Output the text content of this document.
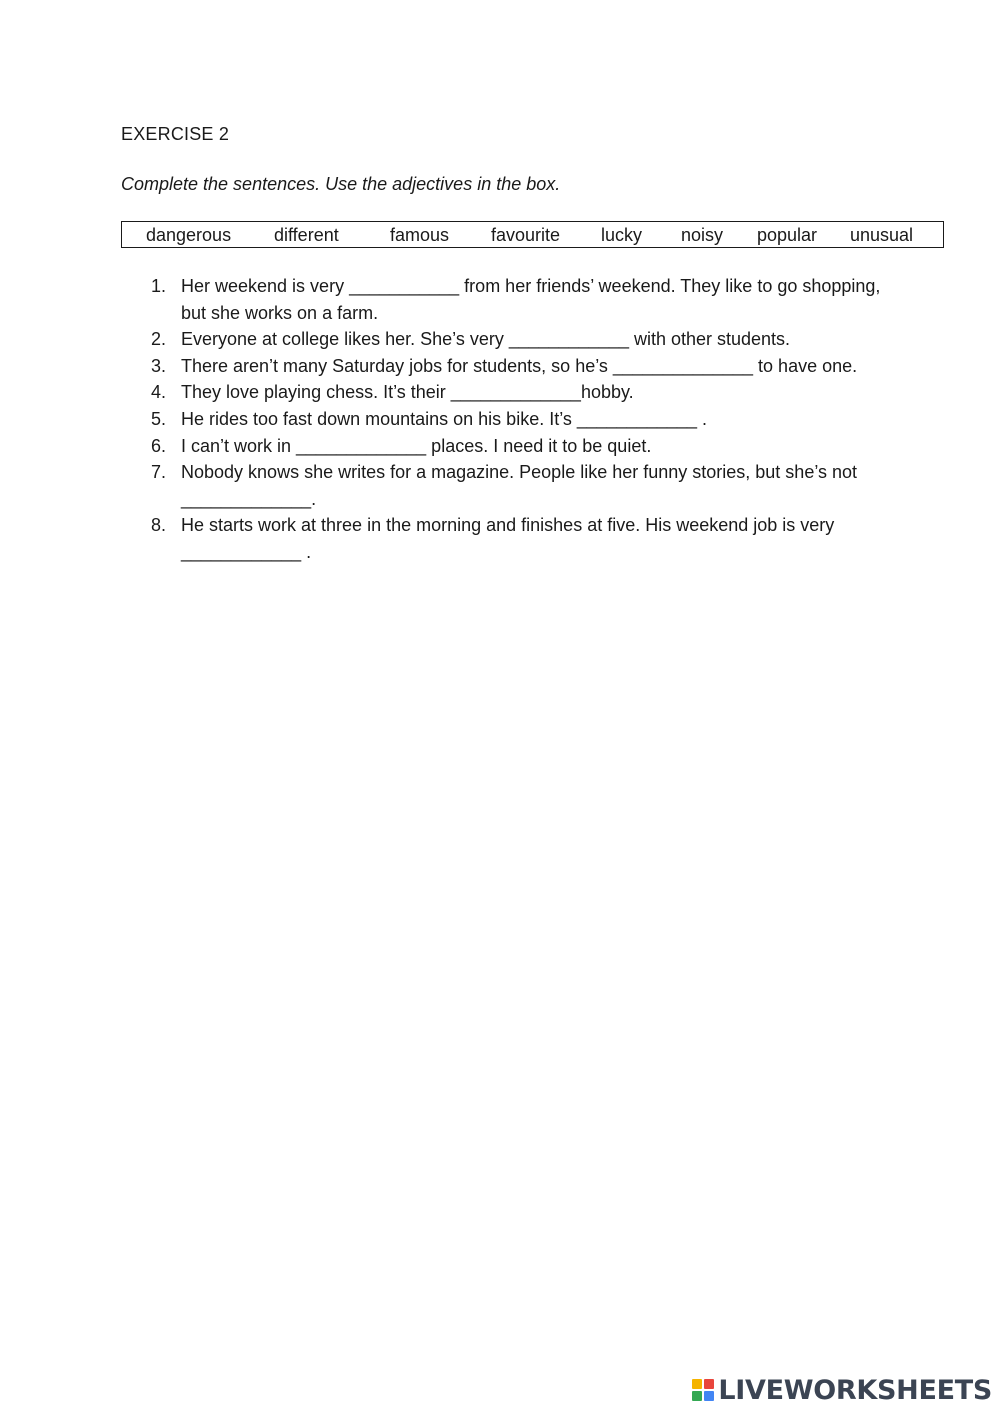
EXERCISE 2
Complete the sentences. Use the adjectives in the box.
dangerous different	famous favourite lucky noisy popular unusual
1. Her weekend is very ___________ from her friends’ weekend. They like to go shopping, but she works on a farm.
2. Everyone at college likes her. She’s very ____________ with other students.
3. There aren’t many Saturday jobs for students, so he’s ______________ to have one.
4. They love playing chess. It’s their _____________hobby.
5. He rides too fast down mountains on his bike. It’s ____________ .
6. I can’t work in _____________ places. I need it to be quiet.
7. Nobody knows she writes for a magazine. People like her funny stories, but she’s not _____________.
8. He starts work at three in the morning and finishes at five. His weekend job is very ____________ .
LIVEWORKSHEETS
